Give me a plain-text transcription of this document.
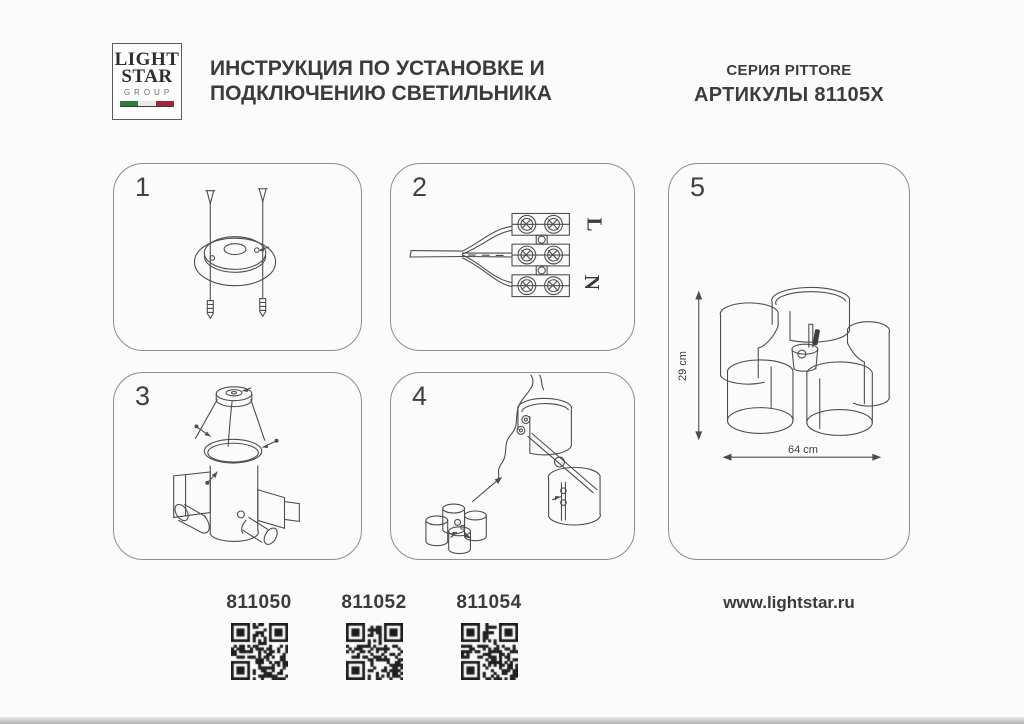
LIGHT
STAR
GROUP
ИНСТРУКЦИЯ ПО УСТАНОВКЕ И
ПОДКЛЮЧЕНИЮ СВЕТИЛЬНИКА
СЕРИЯ PITTORE
АРТИКУЛЫ 81105X
1	2
L
N
3	4
5
29 cm
64 cm
811050	811052	811054	www.lightstar.ru
